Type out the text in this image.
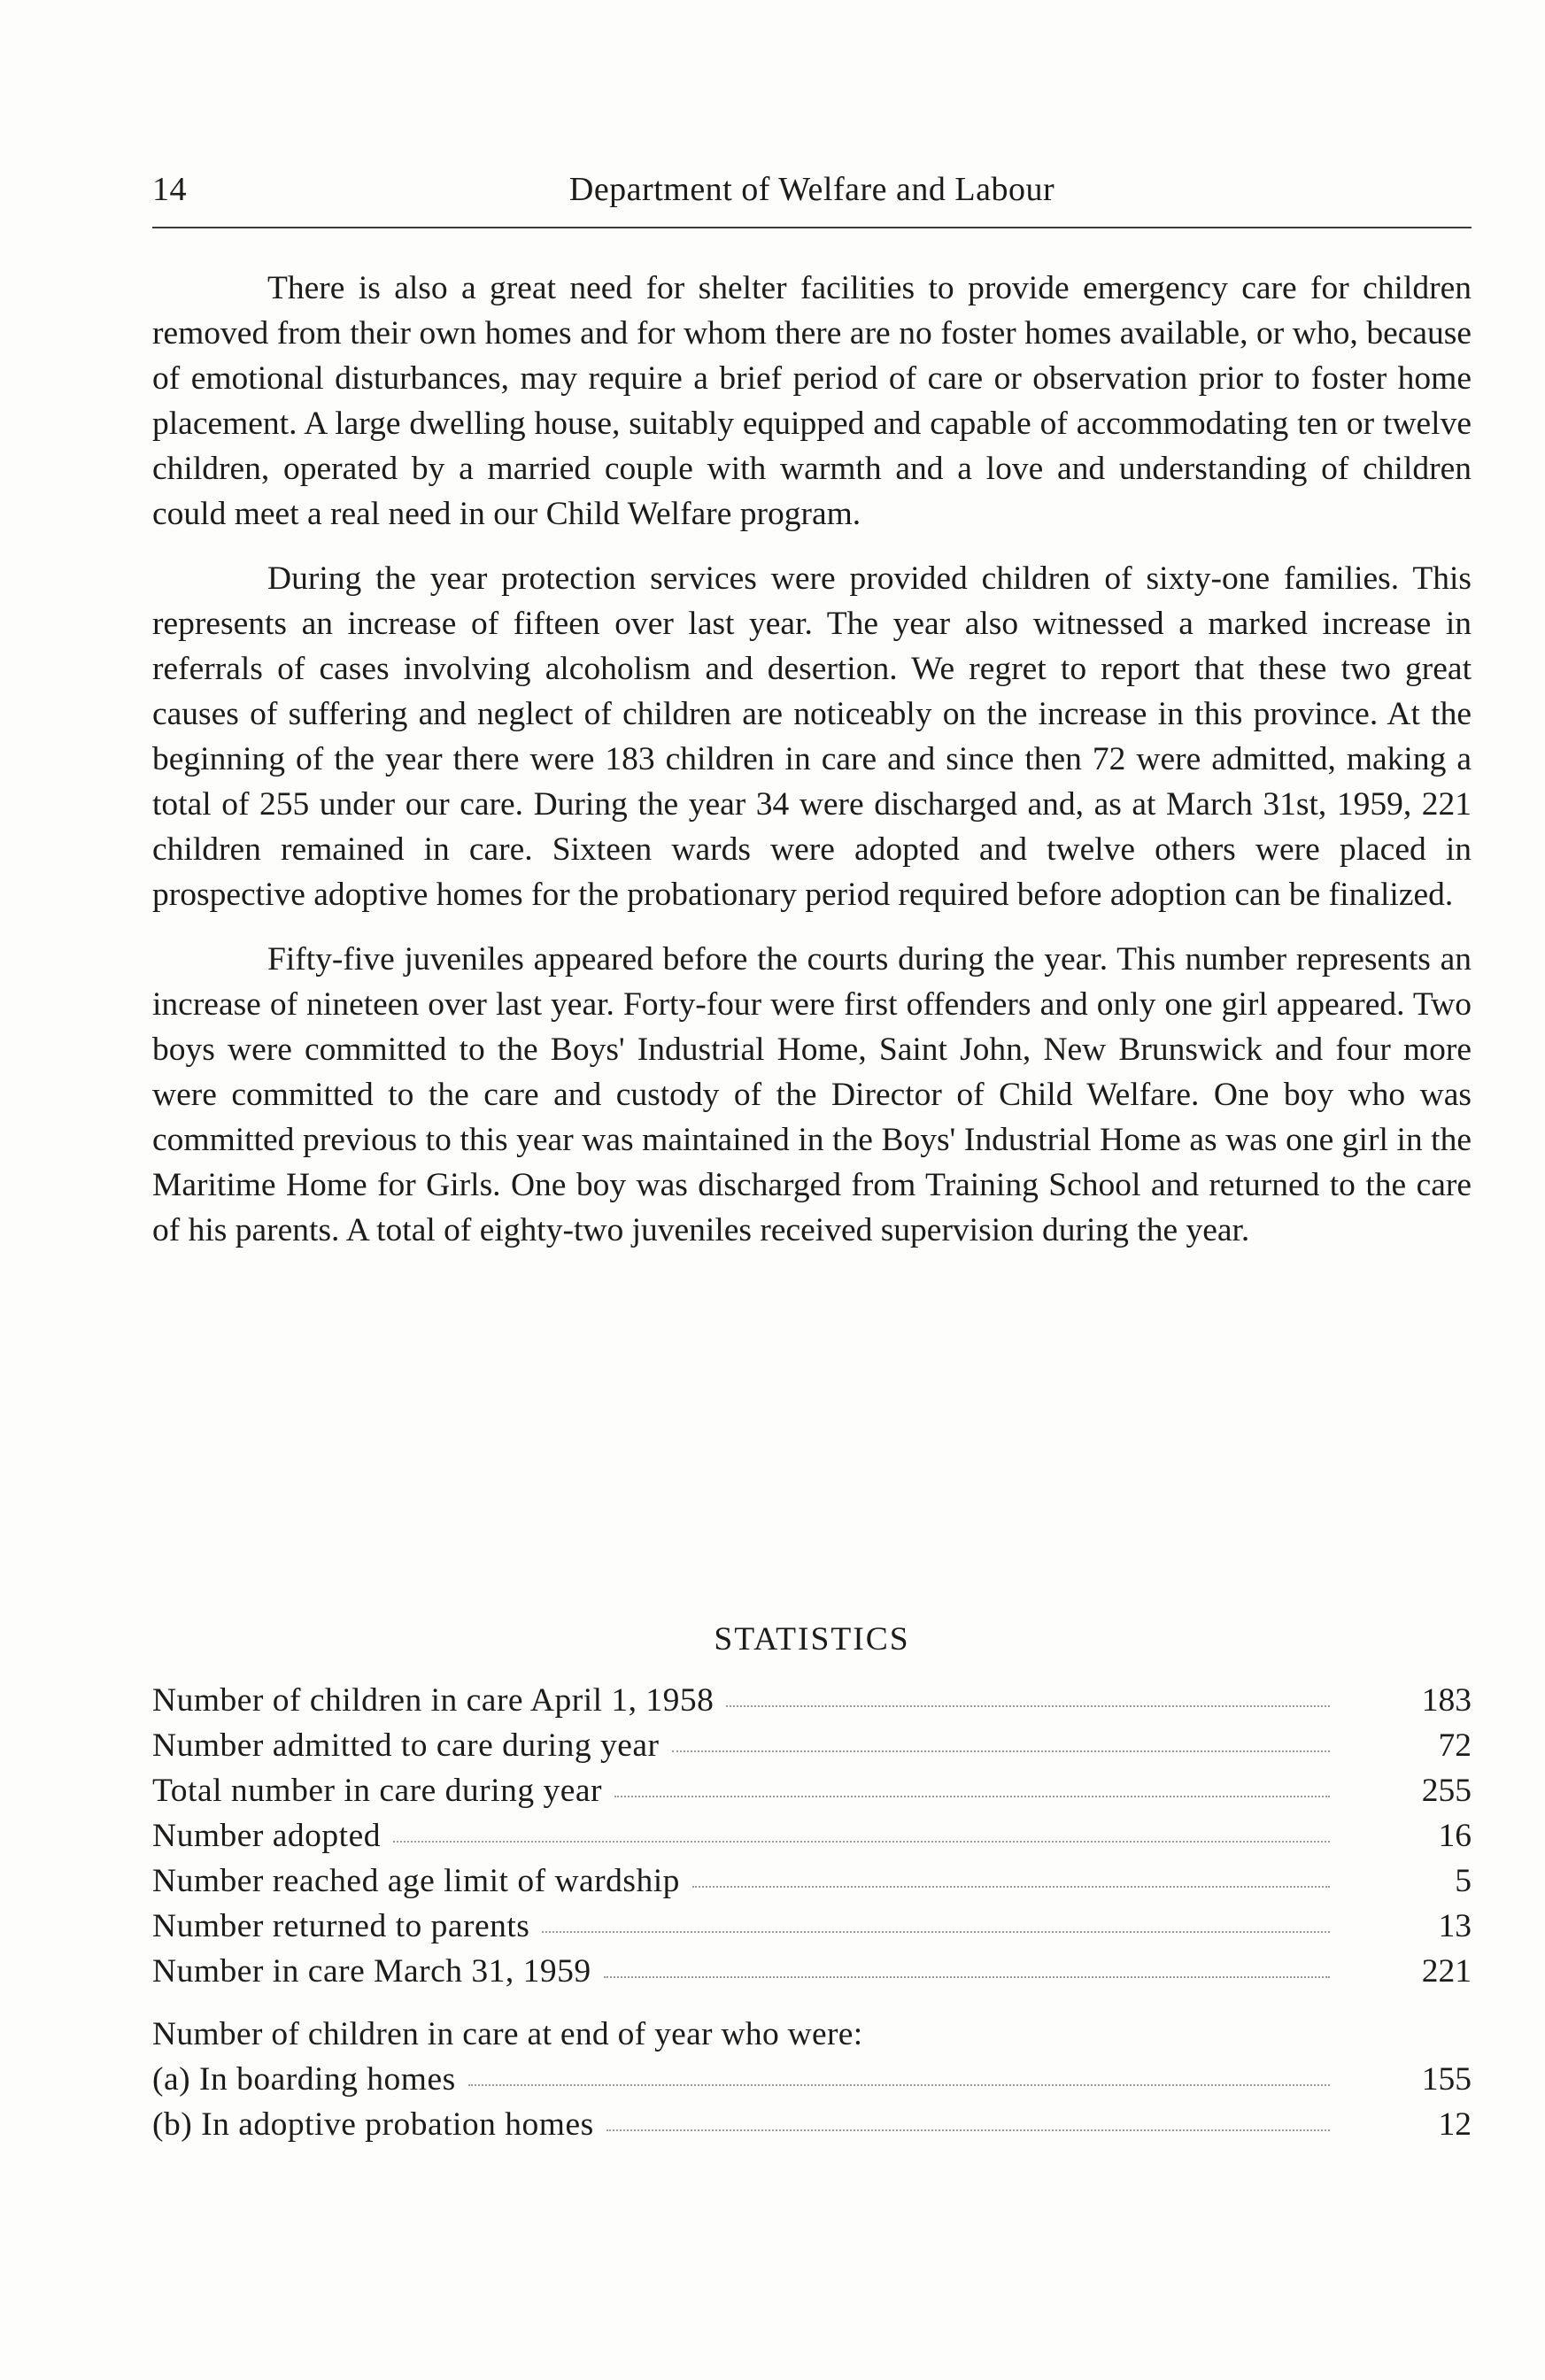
14	Department of Welfare and Labour

There is also a great need for shelter facilities to provide emergency care for children removed from their own homes and for whom there are no foster homes available, or who, because of emotional disturbances, may require a brief period of care or observation prior to foster home placement. A large dwelling house, suitably equipped and capable of accommodating ten or twelve children, operated by a married couple with warmth and a love and understanding of children could meet a real need in our Child Welfare program.

During the year protection services were provided children of sixty-one families. This represents an increase of fifteen over last year. The year also witnessed a marked increase in referrals of cases involving alcoholism and desertion. We regret to report that these two great causes of suffering and neglect of children are noticeably on the increase in this province. At the beginning of the year there were 183 children in care and since then 72 were admitted, making a total of 255 under our care. During the year 34 were discharged and, as at March 31st, 1959, 221 children remained in care. Sixteen wards were adopted and twelve others were placed in prospective adoptive homes for the probationary period required before adoption can be finalized.

Fifty-five juveniles appeared before the courts during the year. This number represents an increase of nineteen over last year. Forty-four were first offenders and only one girl appeared. Two boys were committed to the Boys' Industrial Home, Saint John, New Brunswick and four more were committed to the care and custody of the Director of Child Welfare. One boy who was committed previous to this year was maintained in the Boys' Industrial Home as was one girl in the Maritime Home for Girls. One boy was discharged from Training School and returned to the care of his parents. A total of eighty-two juveniles received supervision during the year.

STATISTICS
Number of children in care April 1, 1958	183
Number admitted to care during year	72
Total number in care during year	255
Number adopted	16
Number reached age limit of wardship	5
Number returned to parents	13
Number in care March 31, 1959	221
Number of children in care at end of year who were:
(a) In boarding homes	155
(b) In adoptive probation homes	12
